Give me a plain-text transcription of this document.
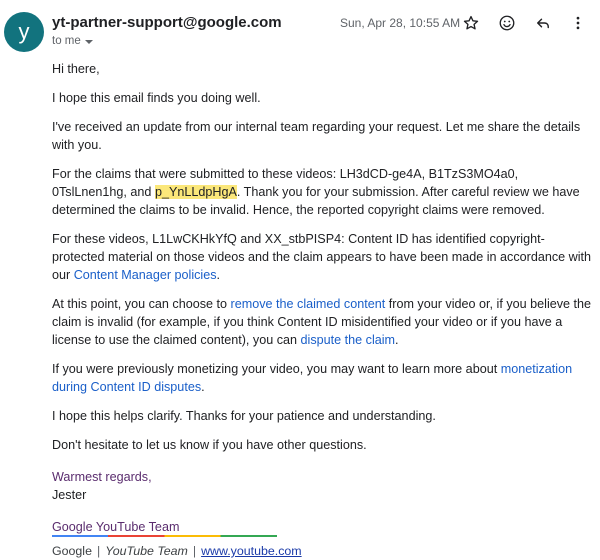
y yt-partner-support@google.com
to me
Sun, Apr 28, 10:55 AM

Hi there,

I hope this email finds you doing well.

I've received an update from our internal team regarding your request. Let me share the details with you.

For the claims that were submitted to these videos: LH3dCD-ge4A, B1TzS3MO4a0, 0TslLnen1hg, and p_YnLLdpHgA. Thank you for your submission. After careful review we have determined the claims to be invalid. Hence, the reported copyright claims were removed.

For these videos, L1LwCKHkYfQ and XX_stbPISP4: Content ID has identified copyright-protected material on those videos and the claim appears to have been made in accordance with our Content Manager policies.

At this point, you can choose to remove the claimed content from your video or, if you believe the claim is invalid (for example, if you think Content ID misidentified your video or if you have a license to use the claimed content), you can dispute the claim.

If you were previously monetizing your video, you may want to learn more about monetization during Content ID disputes.

I hope this helps clarify. Thanks for your patience and understanding.

Don't hesitate to let us know if you have other questions.

Warmest regards,
Jester
Google YouTube Team
Google | YouTube Team | www.youtube.com
